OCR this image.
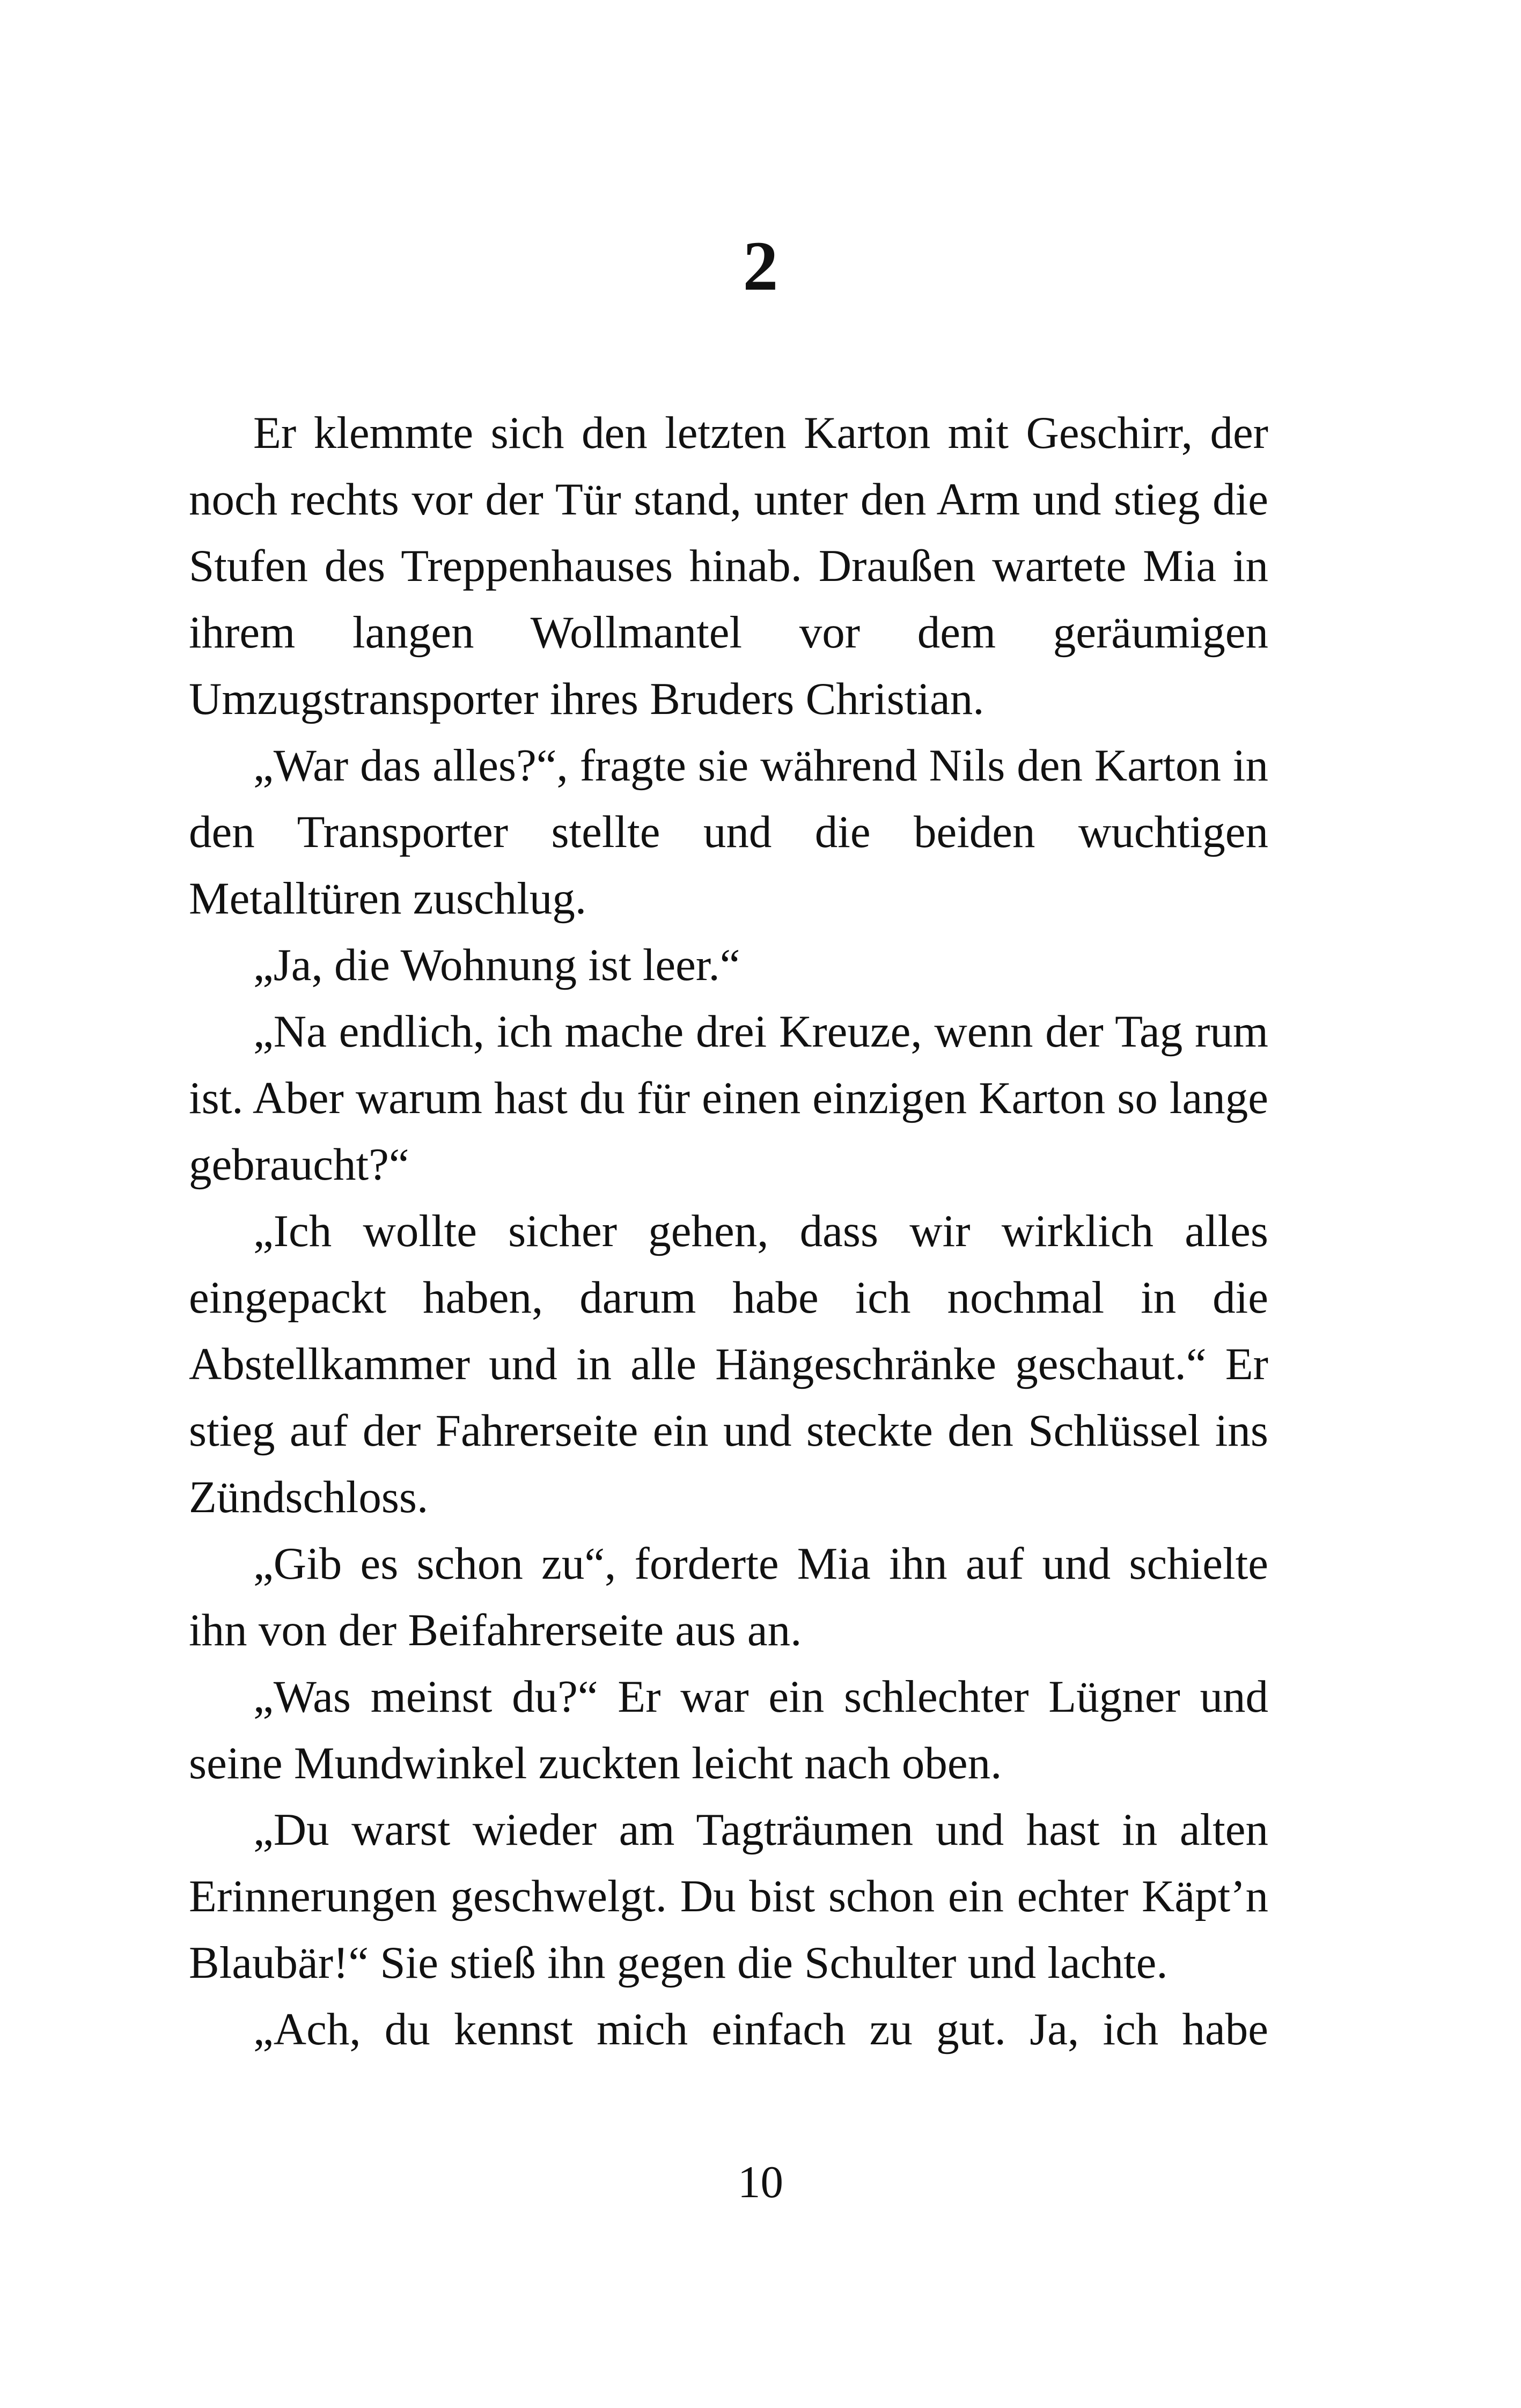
2

Er klemmte sich den letzten Karton mit Geschirr, der noch rechts vor der Tür stand, unter den Arm und stieg die Stufen des Treppenhauses hinab. Draußen wartete Mia in ihrem langen Wollmantel vor dem geräumigen Umzugstransporter ihres Bruders Christian.

„War das alles?“, fragte sie während Nils den Karton in den Transporter stellte und die beiden wuchtigen Metalltüren zuschlug.

„Ja, die Wohnung ist leer.“

„Na endlich, ich mache drei Kreuze, wenn der Tag rum ist. Aber warum hast du für einen einzigen Karton so lange gebraucht?“

„Ich wollte sicher gehen, dass wir wirklich alles eingepackt haben, darum habe ich nochmal in die Abstellkammer und in alle Hängeschränke geschaut.“ Er stieg auf der Fahrerseite ein und steckte den Schlüssel ins Zündschloss.

„Gib es schon zu“, forderte Mia ihn auf und schielte ihn von der Beifahrerseite aus an.

„Was meinst du?“ Er war ein schlechter Lügner und seine Mundwinkel zuckten leicht nach oben.

„Du warst wieder am Tagträumen und hast in alten Erinnerungen geschwelgt. Du bist schon ein echter Käpt’n Blaubär!“ Sie stieß ihn gegen die Schulter und lachte.

„Ach, du kennst mich einfach zu gut. Ja, ich habe

10
